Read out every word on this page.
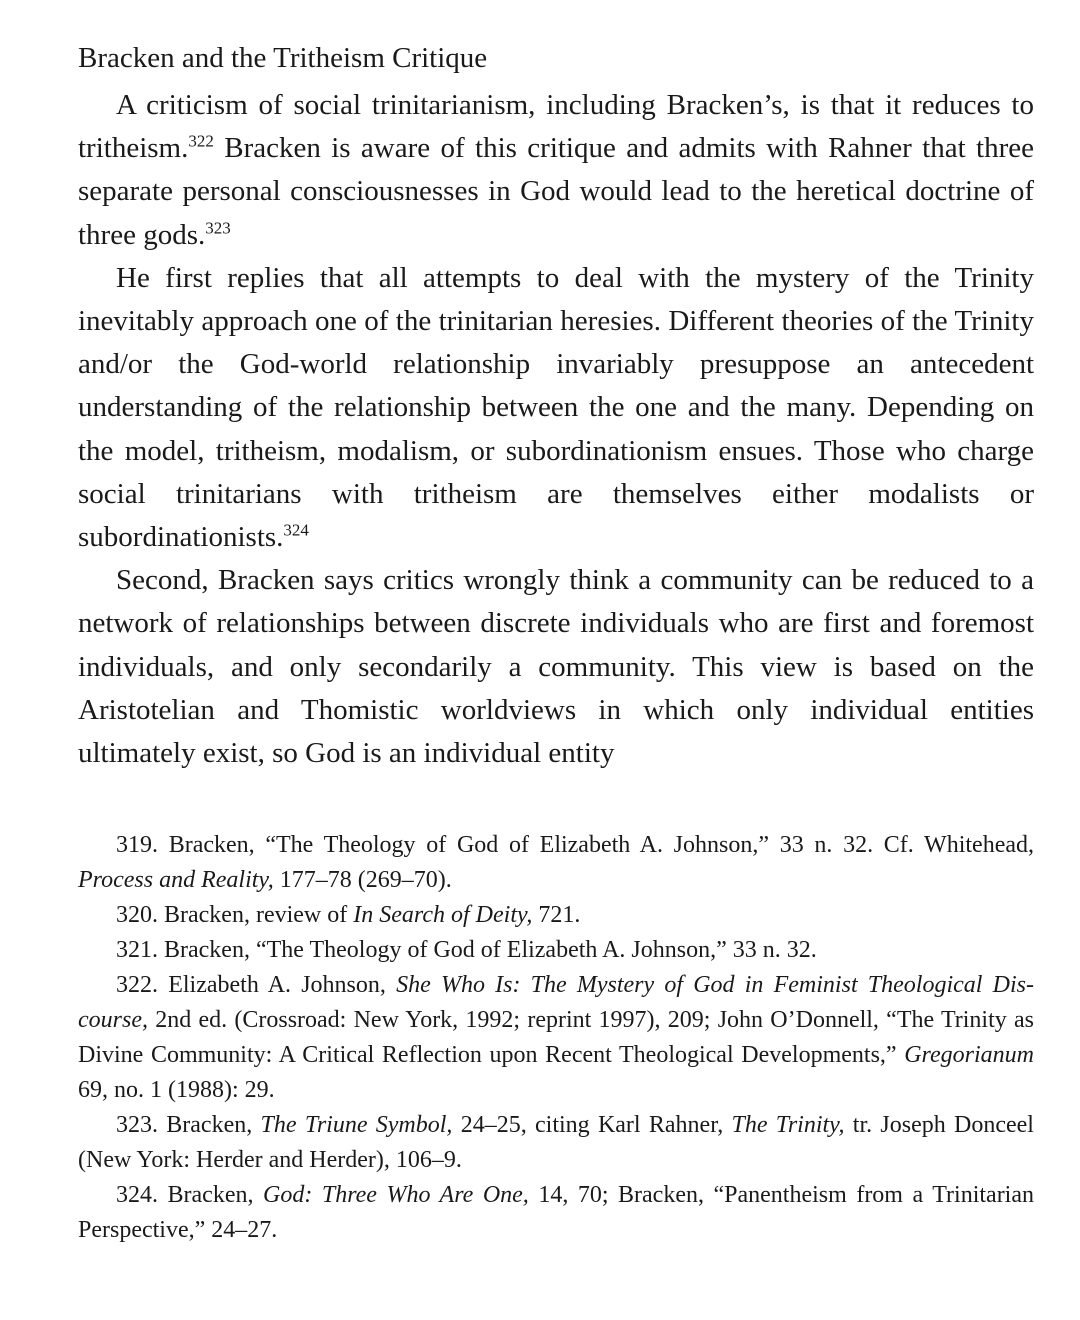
Bracken and the Tritheism Critique

A criticism of social trinitarianism, including Bracken’s, is that it reduces to tritheism.$^{322}$ Bracken is aware of this critique and admits with Rahner that three separate personal consciousnesses in God would lead to the heretical doctrine of three gods.$^{323}$

He first replies that all attempts to deal with the mystery of the Trinity inevitably approach one of the trinitarian heresies. Different theories of the Trinity and/or the God-world relationship invariably presuppose an antecedent understanding of the relationship between the one and the many. Depending on the model, tritheism, modalism, or subordinationism ensues. Those who charge social trinitarians with tritheism are themselves either modalists or subordinationists.$^{324}$

Second, Bracken says critics wrongly think a community can be reduced to a network of relationships between discrete individuals who are first and foremost individuals, and only secondarily a community. This view is based on the Aristotelian and Thomistic worldviews in which only individual entities ultimately exist, so God is an individual entity

319. Bracken, “The Theology of God of Elizabeth A. Johnson,” 33 n. 32. Cf. Whitehead, Process and Reality, 177–78 (269–70).

320. Bracken, review of In Search of Deity, 721.

321. Bracken, “The Theology of God of Elizabeth A. Johnson,” 33 n. 32.

322. Elizabeth A. Johnson, She Who Is: The Mystery of God in Feminist Theological Discourse, 2nd ed. (Crossroad: New York, 1992; reprint 1997), 209; John O’Donnell, “The Trinity as Divine Community: A Critical Reflection upon Recent Theological Developments,” Gregorianum 69, no. 1 (1988): 29.

323. Bracken, The Triune Symbol, 24–25, citing Karl Rahner, The Trinity, tr. Joseph Donceel (New York: Herder and Herder), 106–9.

324. Bracken, God: Three Who Are One, 14, 70; Bracken, “Panentheism from a Trinitarian Perspective,” 24–27.
